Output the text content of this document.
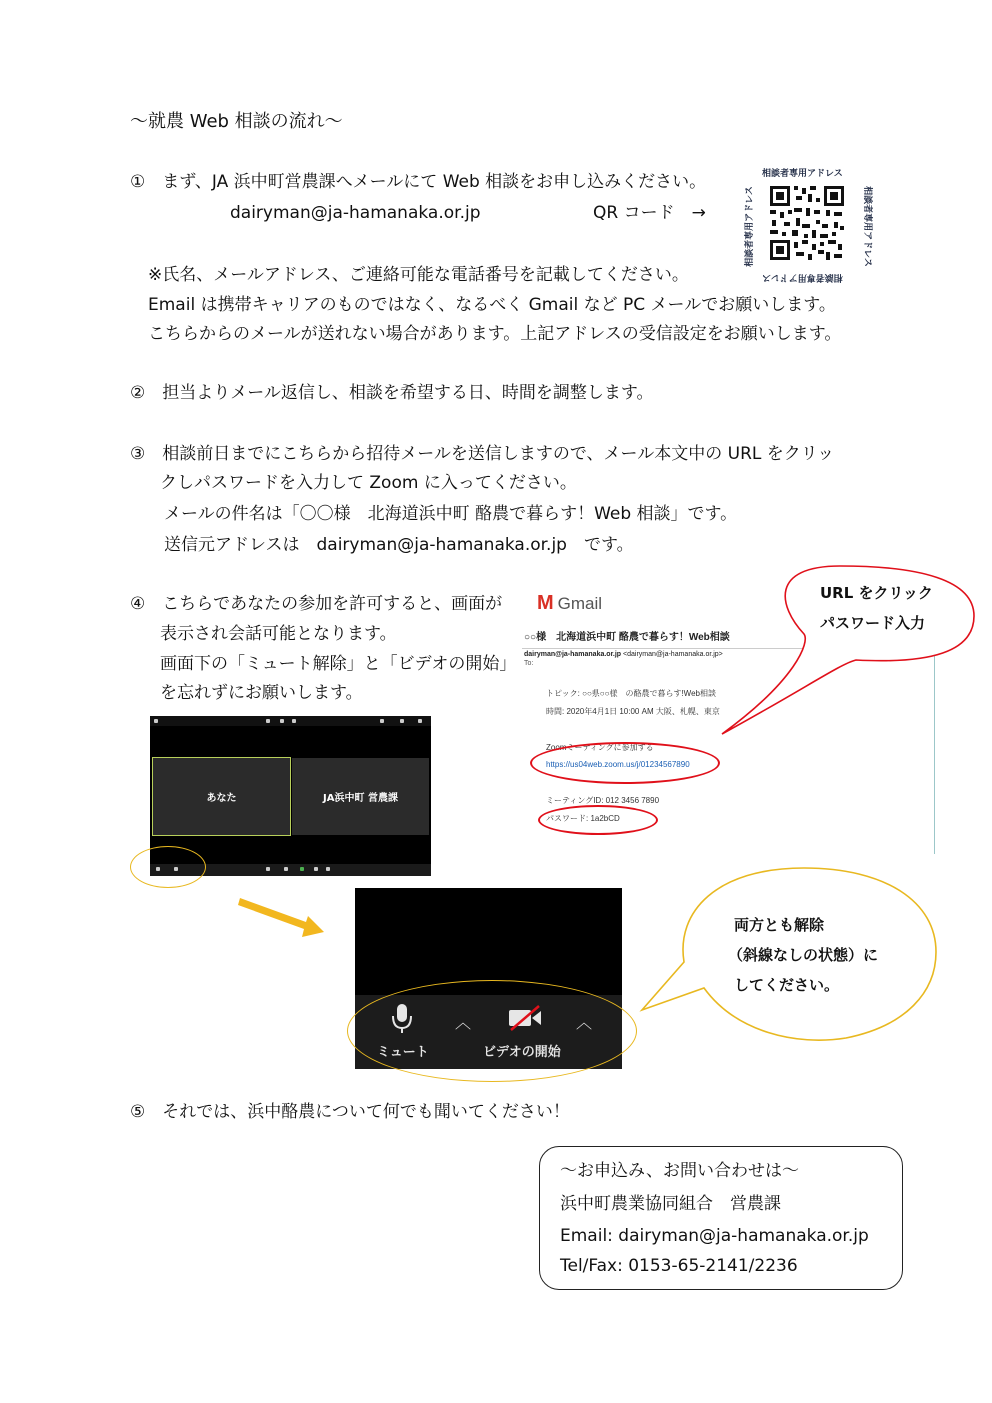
～就農 Web 相談の流れ～
①　まず、JA 浜中町営農課へメールにて Web 相談をお申し込みください。
dairyman@ja-hamanaka.or.jp	QR コード　→
相談者専用アドレス
相談者専用アドレス	相談者専用アドレス
相談者専用アドレス
※氏名、メールアドレス、ご連絡可能な電話番号を記載してください。
Email は携帯キャリアのものではなく、なるべく Gmail など PC メールでお願いします。
こちらからのメールが送れない場合があります。上記アドレスの受信設定をお願いします。
②　担当よりメール返信し、相談を希望する日、時間を調整します。
③　相談前日までにこちらから招待メールを送信しますので、メール本文中の URL をクリッ
クしパスワードを入力して Zoom に入ってください。
メールの件名は「〇〇様　北海道浜中町 酪農で暮らす！Web 相談」です。
送信元アドレスは　dairyman@ja-hamanaka.or.jp　です。
④　こちらであなたの参加を許可すると、画面が
表示され会話可能となります。
画面下の「ミュート解除」と「ビデオの開始」
を忘れずにお願いします。
M Gmail
○○様　北海道浜中町 酪農で暮らす！Web相談
dairyman@ja-hamanaka.or.jp <dairyman@ja-hamanaka.or.jp>
To:
トピック: ○○県○○様　の酪農で暮らす!Web相談
時間: 2020年4月1日 10:00 AM 大阪、札幌、東京
Zoomミーティングに参加する
https://us04web.zoom.us/j/01234567890
ミーティングID: 012 3456 7890
パスワード: 1a2bCD
URL をクリック
パスワード入力
あなた	JA浜中町 営農課
︿	︿
ミュート	ビデオの開始
両方とも解除
（斜線なしの状態）に
してください。
⑤　それでは、浜中酪農について何でも聞いてください！
～お申込み、お問い合わせは～
浜中町農業協同組合　営農課
Email: dairyman@ja-hamanaka.or.jp
Tel/Fax: 0153-65-2141/2236
